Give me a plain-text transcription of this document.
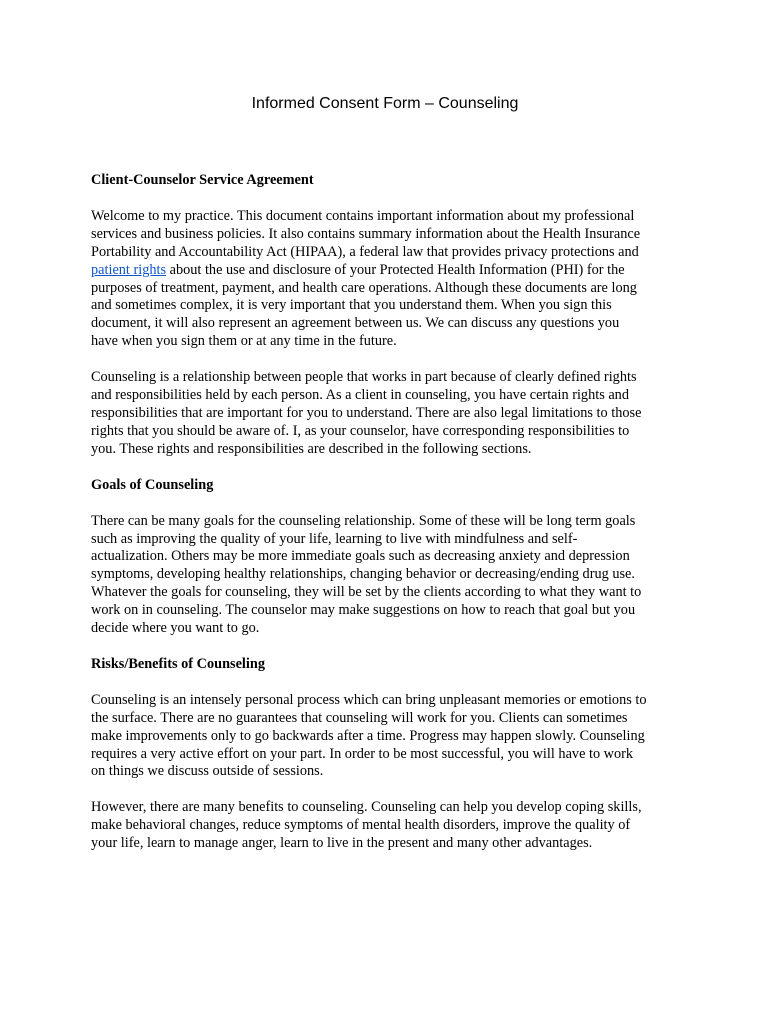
Informed Consent Form – Counseling
Client-Counselor Service Agreement
Welcome to my practice. This document contains important information about my professional
services and business policies. It also contains summary information about the Health Insurance
Portability and Accountability Act (HIPAA), a federal law that provides privacy protections and
patient rights about the use and disclosure of your Protected Health Information (PHI) for the
purposes of treatment, payment, and health care operations. Although these documents are long
and sometimes complex, it is very important that you understand them. When you sign this
document, it will also represent an agreement between us. We can discuss any questions you
have when you sign them or at any time in the future.
Counseling is a relationship between people that works in part because of clearly defined rights
and responsibilities held by each person. As a client in counseling, you have certain rights and
responsibilities that are important for you to understand. There are also legal limitations to those
rights that you should be aware of. I, as your counselor, have corresponding responsibilities to
you. These rights and responsibilities are described in the following sections.
Goals of Counseling
There can be many goals for the counseling relationship. Some of these will be long term goals
such as improving the quality of your life, learning to live with mindfulness and self-
actualization. Others may be more immediate goals such as decreasing anxiety and depression
symptoms, developing healthy relationships, changing behavior or decreasing/ending drug use.
Whatever the goals for counseling, they will be set by the clients according to what they want to
work on in counseling. The counselor may make suggestions on how to reach that goal but you
decide where you want to go.
Risks/Benefits of Counseling
Counseling is an intensely personal process which can bring unpleasant memories or emotions to
the surface. There are no guarantees that counseling will work for you. Clients can sometimes
make improvements only to go backwards after a time. Progress may happen slowly. Counseling
requires a very active effort on your part. In order to be most successful, you will have to work
on things we discuss outside of sessions.
However, there are many benefits to counseling. Counseling can help you develop coping skills,
make behavioral changes, reduce symptoms of mental health disorders, improve the quality of
your life, learn to manage anger, learn to live in the present and many other advantages.
